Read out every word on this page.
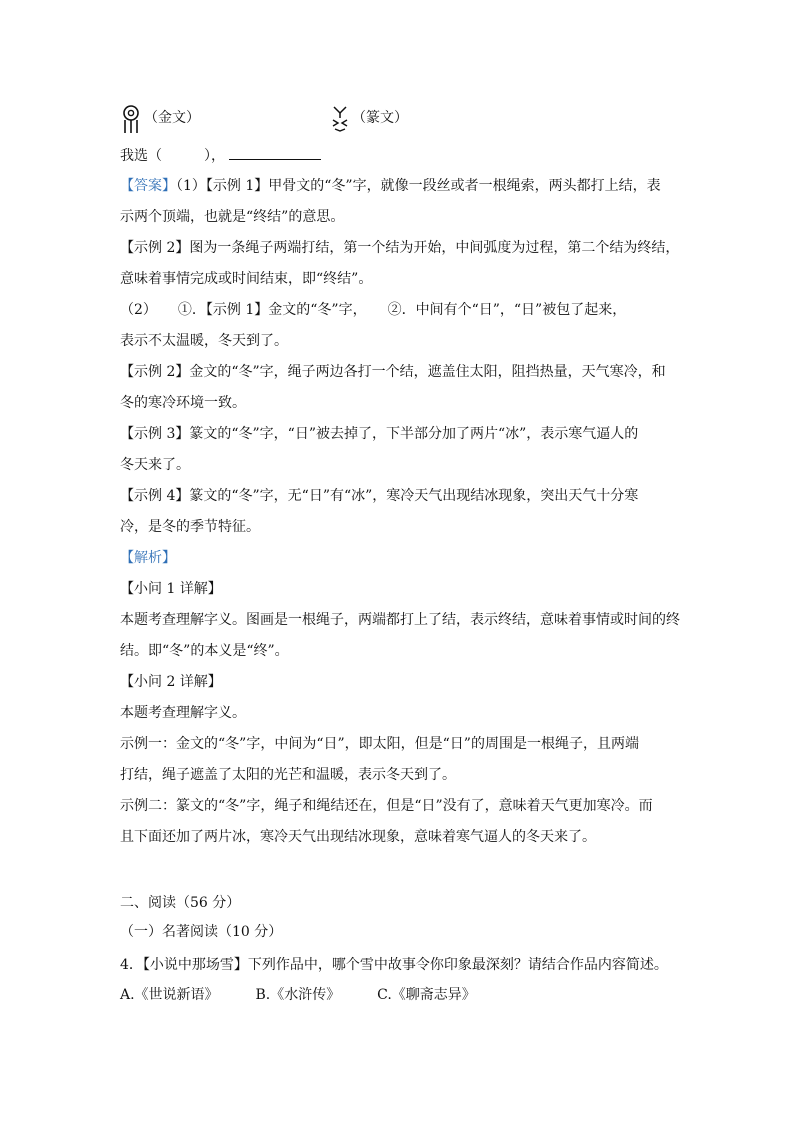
（金文）	（篆文）
我选（　　　），
【答案】（1）【示例 1】甲骨文的“冬”字，就像一段丝或者一根绳索，两头都打上结，表
示两个顶端，也就是“终结”的意思。
【示例 2】图为一条绳子两端打结，第一个结为开始，中间弧度为过程，第二个结为终结，
意味着事情完成或时间结束，即“终结”。
（2）　　①．【示例 1】金文的“冬”字，　　②．中间有个“日”，“日”被包了起来，
表示不太温暖，冬天到了。
【示例 2】金文的“冬”字，绳子两边各打一个结，遮盖住太阳，阻挡热量，天气寒冷，和
冬的寒冷环境一致。
【示例 3】篆文的“冬”字，“日”被去掉了，下半部分加了两片“冰”，表示寒气逼人的
冬天来了。
【示例 4】篆文的“冬”字，无“日”有“冰”，寒冷天气出现结冰现象，突出天气十分寒
冷，是冬的季节特征。
【解析】
【小问 1 详解】
本题考查理解字义。图画是一根绳子，两端都打上了结，表示终结，意味着事情或时间的终
结。即“冬”的本义是“终”。
【小问 2 详解】
本题考查理解字义。
示例一：金文的“冬”字，中间为“日”，即太阳，但是“日”的周围是一根绳子，且两端
打结，绳子遮盖了太阳的光芒和温暖，表示冬天到了。
示例二：篆文的“冬”字，绳子和绳结还在，但是“日”没有了，意味着天气更加寒冷。而
且下面还加了两片冰，寒冷天气出现结冰现象，意味着寒气逼人的冬天来了。
二、阅读（56 分）
（一）名著阅读（10 分）
4．【小说中那场雪】下列作品中，哪个雪中故事令你印象最深刻？请结合作品内容简述。
A.《世说新语》	B.《水浒传》	C.《聊斋志异》
